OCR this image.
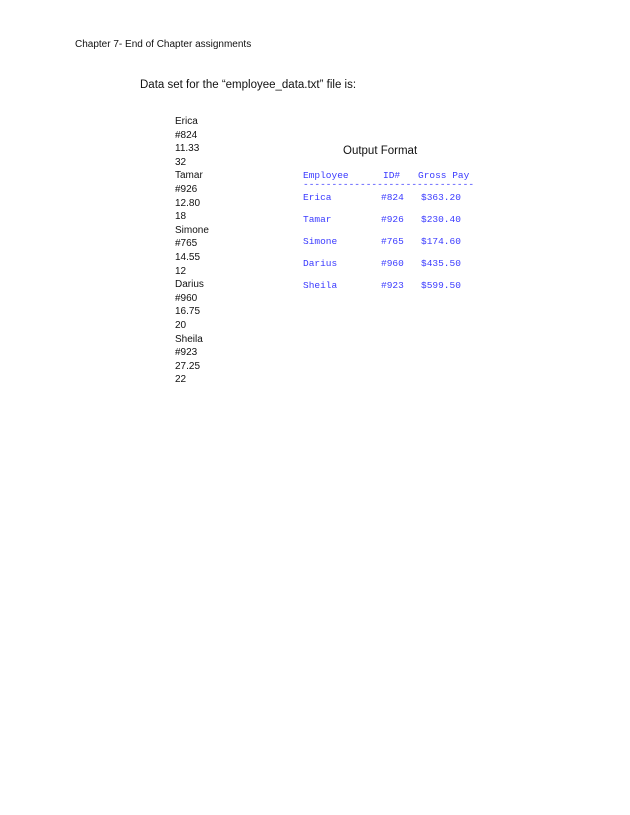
Chapter 7- End of Chapter assignments
Data set for the “employee_data.txt” file is:
Erica
#824
11.33
32
Tamar
#926
12.80
18
Simone
#765
14.55
12
Darius
#960
16.75
20
Sheila
#923
27.25
22
Output Format
Employee	ID# Gross Pay
------------------------------
Erica	#824 $363.20
Tamar	#926 $230.40
Simone	#765 $174.60
Darius	#960 $435.50
Sheila	#923 $599.50
